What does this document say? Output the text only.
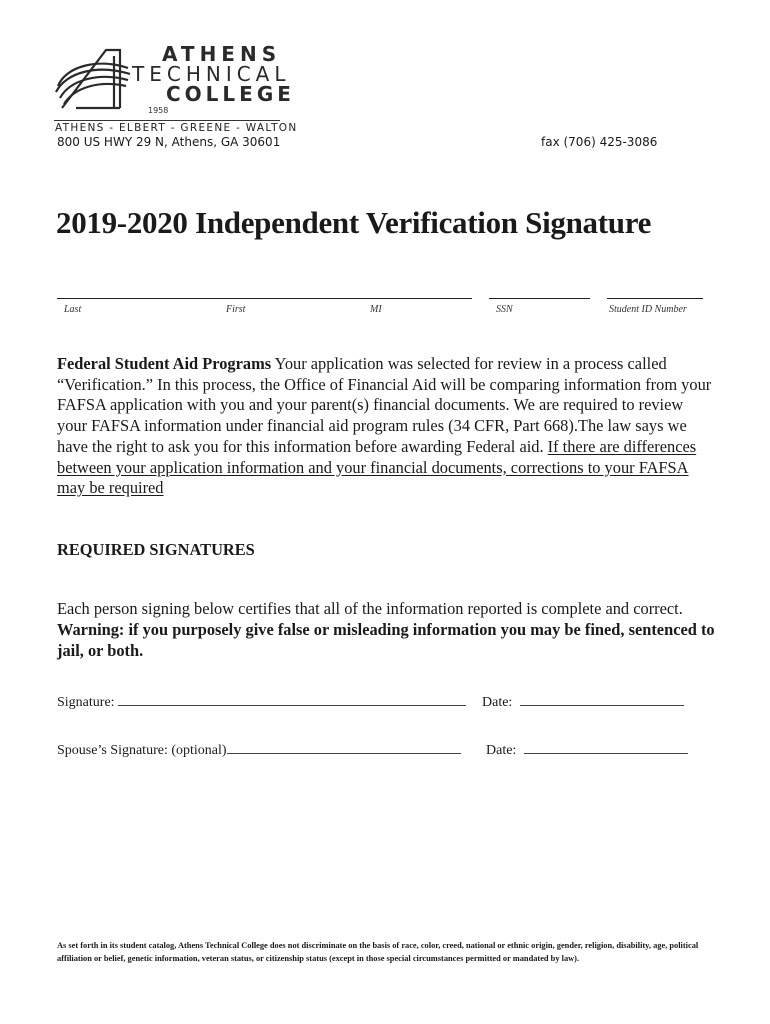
ATHENS
TECHNICAL
COLLEGE
1958
ATHENS - ELBERT - GREENE - WALTON
800 US HWY 29 N, Athens, GA 30601	fax (706) 425-3086
2019-2020 Independent Verification Signature
Last	First	MI	SSN	Student ID Number
Federal Student Aid Programs Your application was selected for review in a process called “Verification.” In this process, the Office of Financial Aid will be comparing information from your FAFSA application with you and your parent(s) financial documents. We are required to review your FAFSA information under financial aid program rules (34 CFR, Part 668).The law says we have the right to ask you for this information before awarding Federal aid. If there are differences between your application information and your financial documents, corrections to your FAFSA may be required
REQUIRED SIGNATURES
Each person signing below certifies that all of the information reported is complete and correct. Warning: if you purposely give false or misleading information you may be fined, sentenced to jail, or both.
Signature:	Date:
Spouse’s Signature: (optional)	Date:
As set forth in its student catalog, Athens Technical College does not discriminate on the basis of race, color, creed, national or ethnic origin, gender, religion, disability, age, political affiliation or belief, genetic information, veteran status, or citizenship status (except in those special circumstances permitted or mandated by law).
